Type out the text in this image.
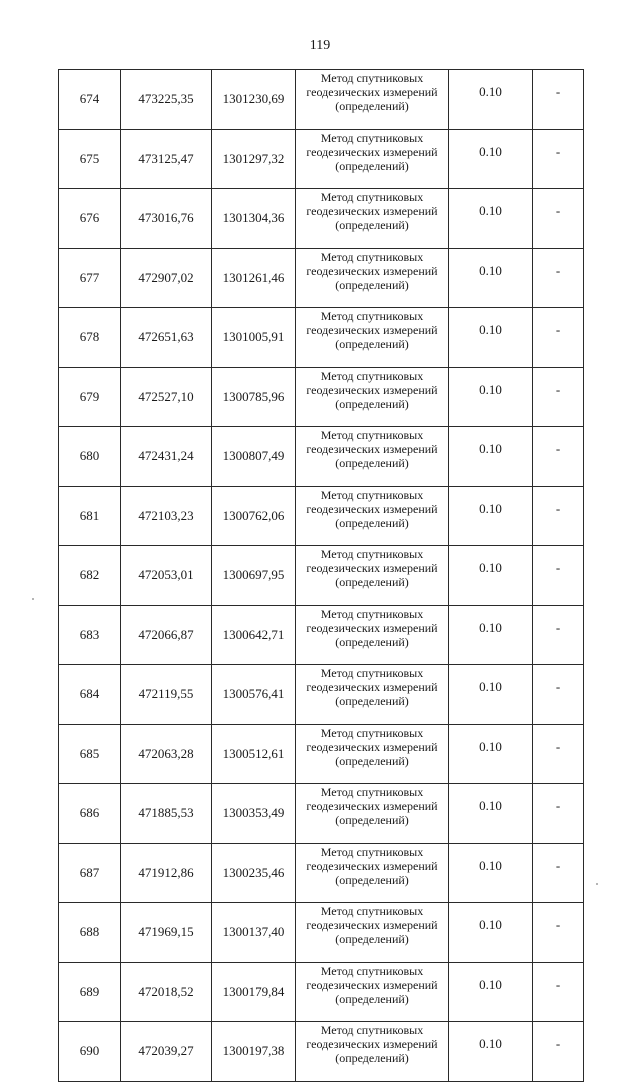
119
674	473225,35	1301230,69	Метод спутниковых
геодезических измерений
(определений)	0.10	-
675	473125,47	1301297,32	Метод спутниковых
геодезических измерений
(определений)	0.10	-
676	473016,76	1301304,36	Метод спутниковых
геодезических измерений
(определений)	0.10	-
677	472907,02	1301261,46	Метод спутниковых
геодезических измерений
(определений)	0.10	-
678	472651,63	1301005,91	Метод спутниковых
геодезических измерений
(определений)	0.10	-
679	472527,10	1300785,96	Метод спутниковых
геодезических измерений
(определений)	0.10	-
680	472431,24	1300807,49	Метод спутниковых
геодезических измерений
(определений)	0.10	-
681	472103,23	1300762,06	Метод спутниковых
геодезических измерений
(определений)	0.10	-
682	472053,01	1300697,95	Метод спутниковых
геодезических измерений
(определений)	0.10	-
683	472066,87	1300642,71	Метод спутниковых
геодезических измерений
(определений)	0.10	-
684	472119,55	1300576,41	Метод спутниковых
геодезических измерений
(определений)	0.10	-
685	472063,28	1300512,61	Метод спутниковых
геодезических измерений
(определений)	0.10	-
686	471885,53	1300353,49	Метод спутниковых
геодезических измерений
(определений)	0.10	-
687	471912,86	1300235,46	Метод спутниковых
геодезических измерений
(определений)	0.10	-
688	471969,15	1300137,40	Метод спутниковых
геодезических измерений
(определений)	0.10	-
689	472018,52	1300179,84	Метод спутниковых
геодезических измерений
(определений)	0.10	-
690	472039,27	1300197,38	Метод спутниковых
геодезических измерений
(определений)	0.10	-
